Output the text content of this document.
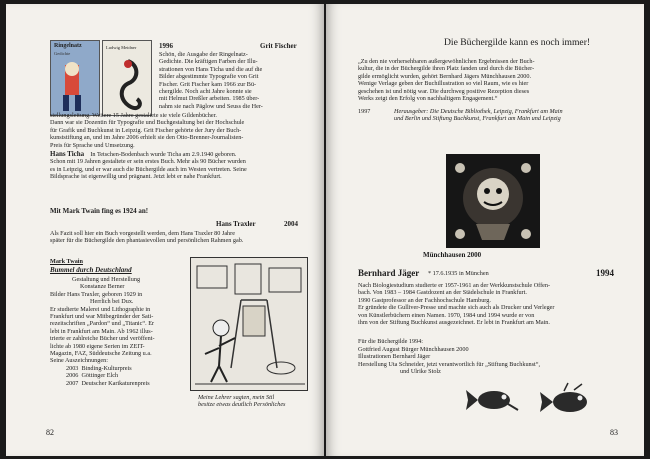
Ringelnatz
Gedichte
Ludwig Meidner	1996	Grit Fischer
Schön, die Ausgabe der Ringelnatz-
Gedichte. Die kräftigen Farben der Illu-
strationen von Hans Ticha und die auf die
Bilder abgestimmte Typografie von Grit
Fischer. Grit Fischer kam 1966 zur Bü-
chergilde. Noch acht Jahre konnte sie
mit Helmut Dreßler arbeiten. 1985 über-
nahm sie nach Päglow und Seuss die Her-
stellungsleitung. Weitere 15 Jahre gestaltete sie viele Gildenbücher.
Dann war sie Dozentin für Typografie und Buchgestaltung bei der Hochschule
für Grafik und Buchkunst in Leipzig. Grit Fischer gehörte der Jury der Buch-
kunststiftung an, und im Jahre 2006 erhielt sie den Otto-Brenner-Journalisten-
Preis für Sprache und Umsetzung.
Hans Ticha In Tetschen-Bodenbach wurde Ticha am 2.9.1940 geboren.
Schon mit 19 Jahren gestaltete er sein erstes Buch. Mehr als 90 Bücher wurden
es in Leipzig, und er war auch die Büchergilde auch im Westen vertreten. Seine
Bildsprache ist eigenwillig und prägnant. Jetzt lebt er nahe Frankfurt.
Mit Mark Twain fing es 1924 an!
Hans Traxler	2004
Als Fazit soll hier ein Buch vorgestellt werden, dem Hans Traxler 80 Jahre
später für die Büchergilde den phantasievollen und persönlichen Rahmen gab.
Mark Twain
Bummel durch Deutschland
Gestaltung und Herstellung
Konstanze Berner
Bilder Hans Traxler, geboren 1929 in
Herrlich bei Dux.
Er studierte Malerei und Lithographie in
Frankfurt und war Mitbegründer der Sati-
rezeitschriften „Pardon“ und „Titanic“. Er
lebt in Frankfurt am Main. Ab 1962 illus-
trierte er zahlreiche Bücher und veröffent-
lichte ab 1980 eigene Serien im ZEIT-
Magazin, FAZ, Süddeutsche Zeitung u.a.
Seine Auszeichnungen:
2003 Binding-Kulturpreis
2006 Göttinger Elch
2007 Deutscher Karikaturenpreis
Meine Lehrer sagten, mein Stil
besitze etwas deutlich Persönliches
82
Die Büchergilde kann es noch immer!
„Zu den nie vorhersehbaren außergewöhnlichen Ergebnissen der Buch-
kultur, die in der Büchergilde ihren Platz fanden und durch die Bücher-
gilde ermöglicht wurden, gehört Bernhard Jägers Münchhausen 2000.
Wenige Verlage geben der Buchillustration so viel Raum, wie es hier
geschehen ist und nötig war. Die durchweg positive Rezeption dieses
Werks zeigt den Erfolg von nachhaltigem Engagement.“
1997	Herausgeber: Die Deutsche Bibliothek, Leipzig, Frankfurt am Main
und Berlin und Stiftung Buchkunst, Frankfurt am Main und Leipzig
Münchhausen 2000
Bernhard Jäger * 17.6.1935 in München	1994
Nach Biologiestudium studierte er 1957-1961 an der Werkkunstschule Offen-
bach. Von 1983 – 1984 Gastdozent an der Städelschule in Frankfurt.
1990 Gastprofessor an der Fachhochschule Hamburg.
Er gründete die Gulliver-Presse und machte sich auch als Drucker und Verleger
von Künstlerbüchern einen Namen. 1970, 1984 und 1994 wurde er von
ihm von der Stiftung Buchkunst ausgezeichnet. Er lebt in Frankfurt am Main.
Für die Büchergilde 1994:
Gottfried August Bürger Münchhausen 2000
Illustrationen Bernhard Jäger
Herstellung Uta Schneider, jetzt verantwortlich für „Stiftung Buchkunst“,
und Ulrike Stolz
83
